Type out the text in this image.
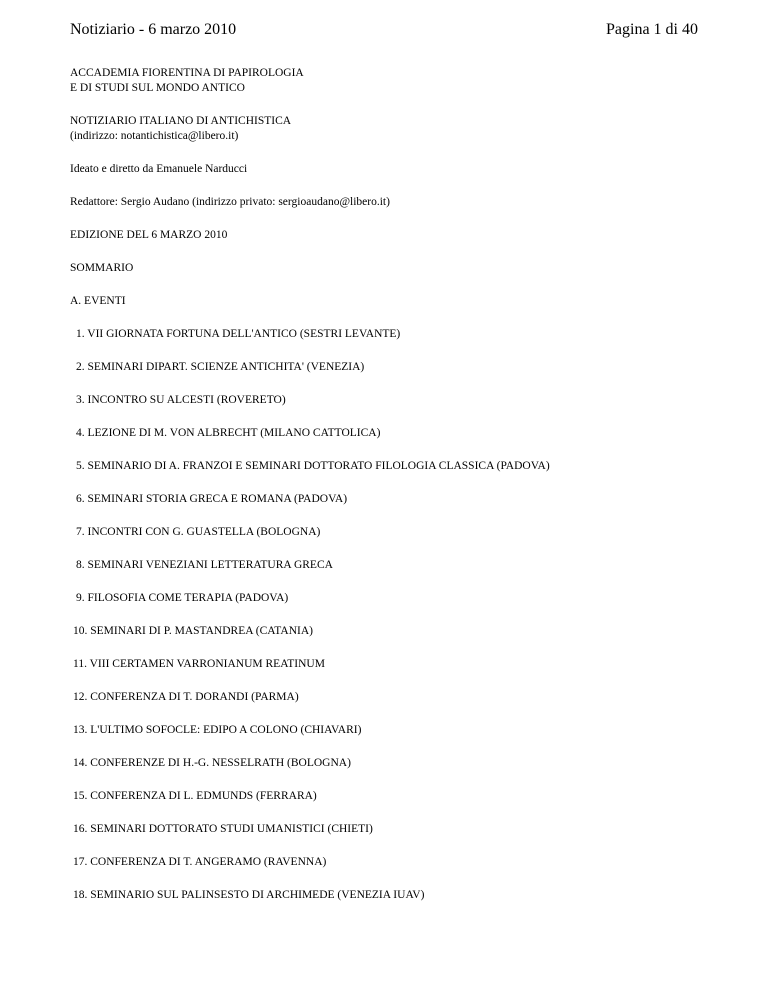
Notiziario - 6 marzo 2010	Pagina 1 di 40

ACCADEMIA FIORENTINA DI PAPIROLOGIA

E DI STUDI SUL MONDO ANTICO

NOTIZIARIO ITALIANO DI ANTICHISTICA

(indirizzo: notantichistica@libero.it)

Ideato e diretto da Emanuele Narducci

Redattore: Sergio Audano (indirizzo privato: sergioaudano@libero.it)

EDIZIONE DEL 6 MARZO 2010

SOMMARIO

A. EVENTI

1. VII GIORNATA FORTUNA DELL'ANTICO (SESTRI LEVANTE)

2. SEMINARI DIPART. SCIENZE ANTICHITA' (VENEZIA)

3. INCONTRO SU ALCESTI (ROVERETO)

4. LEZIONE DI M. VON ALBRECHT (MILANO CATTOLICA)

5. SEMINARIO DI A. FRANZOI E SEMINARI DOTTORATO FILOLOGIA CLASSICA (PADOVA)

6. SEMINARI STORIA GRECA E ROMANA (PADOVA)

7. INCONTRI CON G. GUASTELLA (BOLOGNA)

8. SEMINARI VENEZIANI LETTERATURA GRECA

9. FILOSOFIA COME TERAPIA (PADOVA)

10. SEMINARI DI P. MASTANDREA (CATANIA)

11. VIII CERTAMEN VARRONIANUM REATINUM

12. CONFERENZA DI T. DORANDI (PARMA)

13. L'ULTIMO SOFOCLE: EDIPO A COLONO (CHIAVARI)

14. CONFERENZE DI H.-G. NESSELRATH (BOLOGNA)

15. CONFERENZA DI L. EDMUNDS (FERRARA)

16. SEMINARI DOTTORATO STUDI UMANISTICI (CHIETI)

17. CONFERENZA DI T. ANGERAMO (RAVENNA)

18. SEMINARIO SUL PALINSESTO DI ARCHIMEDE (VENEZIA IUAV)
